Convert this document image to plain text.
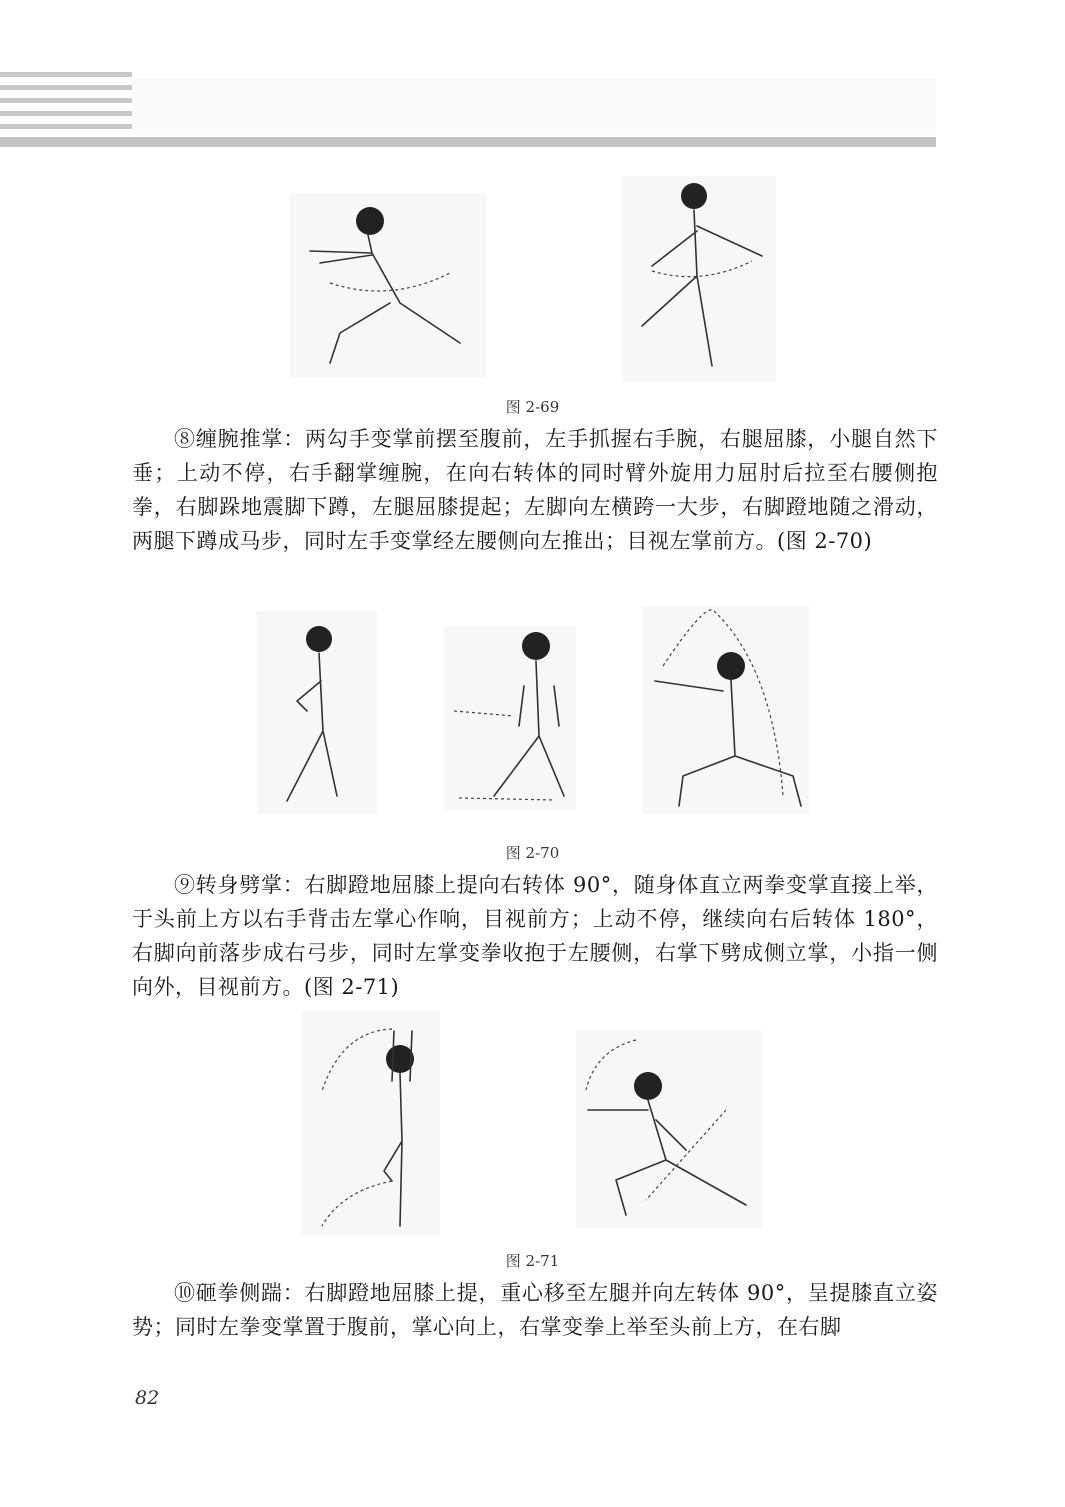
图 2-69

⑧缠腕推掌：两勾手变掌前摆至腹前，左手抓握右手腕，右腿屈膝，小腿自然下垂；上动不停，右手翻掌缠腕，在向右转体的同时臂外旋用力屈肘后拉至右腰侧抱拳，右脚跺地震脚下蹲，左腿屈膝提起；左脚向左横跨一大步，右脚蹬地随之滑动，两腿下蹲成马步，同时左手变掌经左腰侧向左推出；目视左掌前方。(图 2-70)

图 2-70

⑨转身劈掌：右脚蹬地屈膝上提向右转体 90°，随身体直立两拳变掌直接上举，于头前上方以右手背击左掌心作响，目视前方；上动不停，继续向右后转体 180°，右脚向前落步成右弓步，同时左掌变拳收抱于左腰侧，右掌下劈成侧立掌，小指一侧向外，目视前方。(图 2-71)

图 2-71

⑩砸拳侧踹：右脚蹬地屈膝上提，重心移至左腿并向左转体 90°，呈提膝直立姿势；同时左拳变掌置于腹前，掌心向上，右掌变拳上举至头前上方，在右脚

82
